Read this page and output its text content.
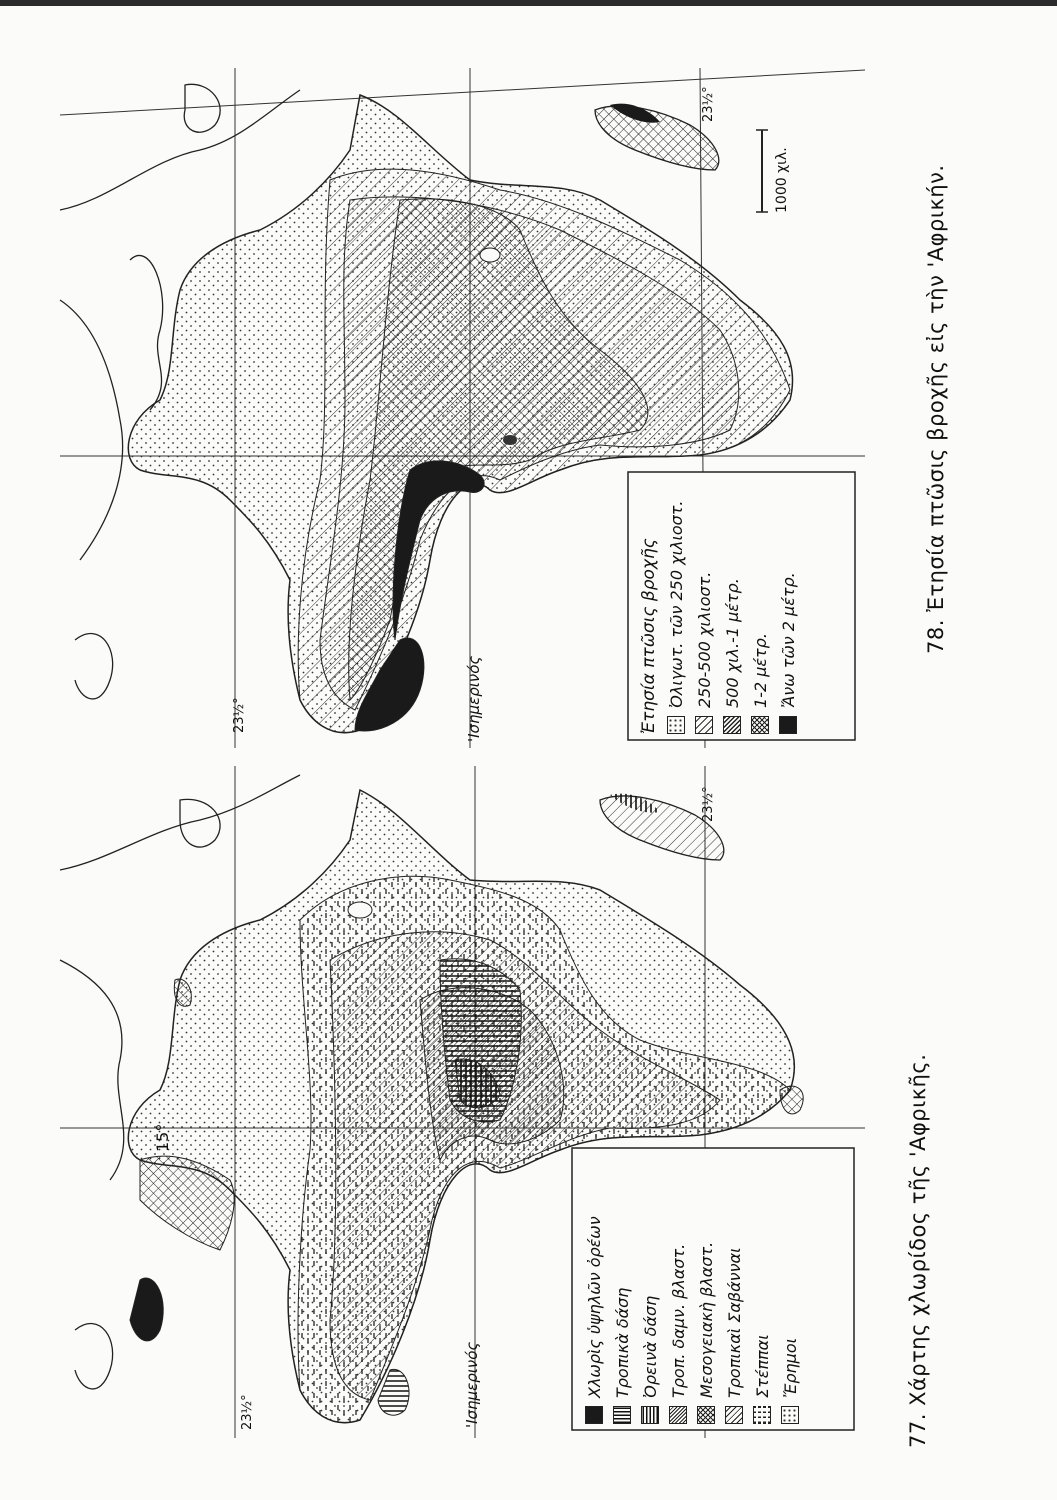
23½°
23½°
'Ισημερινός
1000 χιλ.
Ἐτησία πτῶσις βροχῆς Ὀλιγωτ. τῶν 250 χιλιοστ. 250-500 χιλιοστ. 500 χιλ.-1 μέτρ. 1-2 μέτρ. Ἄνω τῶν 2 μέτρ.
15°
23½°
23½°
'Ισημερινός	Χλωρὶς ὑψηλῶν ὀρέων Τροπικὰ δάση Ὀρεινὰ δάση Τροπ. δαμν. βλαστ. Μεσογειακὴ βλαστ. Τροπικαὶ Σαβάνναι Στέππαι Ἔρημοι
78. Ἐτησία πτῶσις βροχῆς εἰς τὴν 'Αφρικήν.
77. Χάρτης χλωρίδος τῆς 'Αφρικῆς.
